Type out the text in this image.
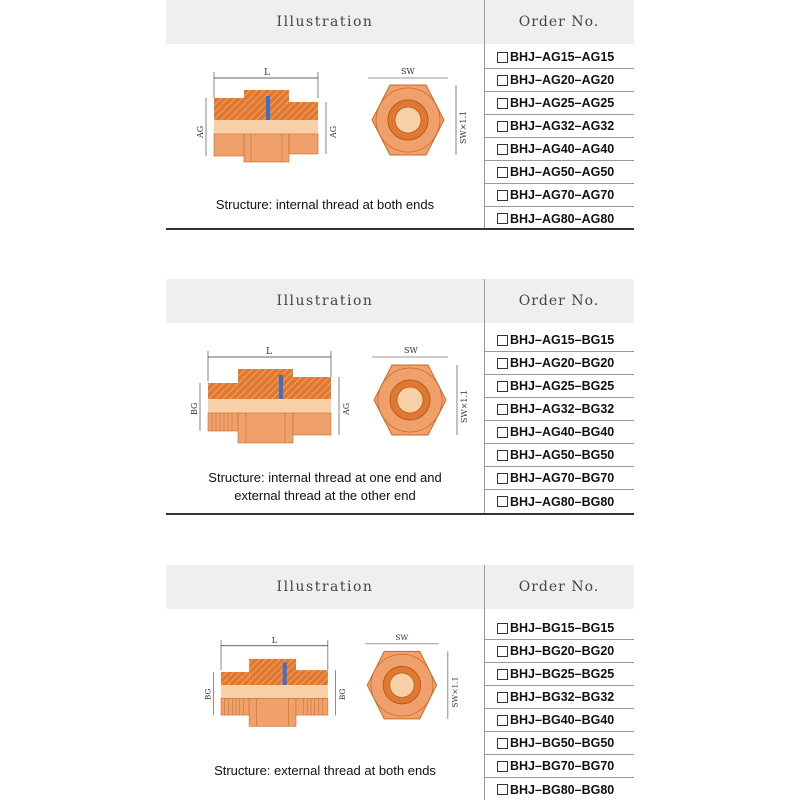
Illustration	Order No.
L
AG	AG
SW
SW×1.1
Structure: internal thread at both ends
BHJ–AG15–AG15
BHJ–AG20–AG20
BHJ–AG25–AG25
BHJ–AG32–AG32
BHJ–AG40–AG40
BHJ–AG50–AG50
BHJ–AG70–AG70
BHJ–AG80–AG80
Illustration	Order No.
L
BG	AG
SW
SW×1.1
Structure: internal thread at one end and
external thread at the other end
BHJ–AG15–BG15
BHJ–AG20–BG20
BHJ–AG25–BG25
BHJ–AG32–BG32
BHJ–AG40–BG40
BHJ–AG50–BG50
BHJ–AG70–BG70
BHJ–AG80–BG80
Illustration	Order No.
L
BG	BG
SW
SW×1.1
Structure: external thread at both ends
BHJ–BG15–BG15
BHJ–BG20–BG20
BHJ–BG25–BG25
BHJ–BG32–BG32
BHJ–BG40–BG40
BHJ–BG50–BG50
BHJ–BG70–BG70
BHJ–BG80–BG80
